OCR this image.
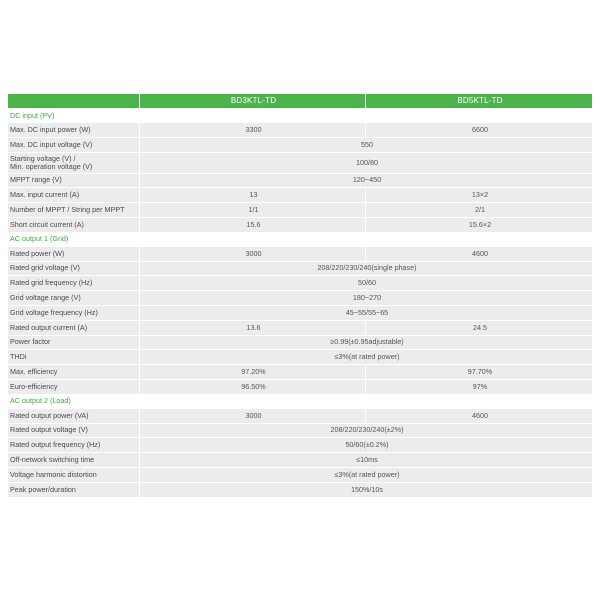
	BD3KTL-TD	BD5KTL-TD
DC input (PV)		
Max. DC input power (W)	3300	6600
Max. DC input voltage (V)	550	
Starting voltage (V) /
Min. operation voltage (V)	100/80	
MPPT range (V)	120~450	
Max. input current (A)	13	13×2
Number of MPPT / String per MPPT	1/1	2/1
Short circuit current (A)	15.6	15.6×2
AC output 1 (Grid)		
Rated power (W)	3000	4600
Rated grid voltage (V)	208/220/230/240(single phase)	
Rated grid frequency (Hz)	50/60	
Grid voltage range (V)	180~270	
Grid voltage frequency (Hz)	45~55/55~65	
Rated output current (A)	13.6	24.5
Power factor	≥0.99(±0.95adjustable)	
THDi	≤3%(at rated power)	
Max. efficiency	97.20%	97.70%
Euro-efficiency	96.50%	97%
AC output 2 (Load)		
Rated output power (VA)	3000	4600
Rated output voltage (V)	208/220/230/240(±2%)	
Rated output frequency (Hz)	50/60(±0.2%)	
Off-network switching time	≤10ms	
Voltage harmonic distortion	≤3%(at rated power)	
Peak power/duration	150%/10s	
